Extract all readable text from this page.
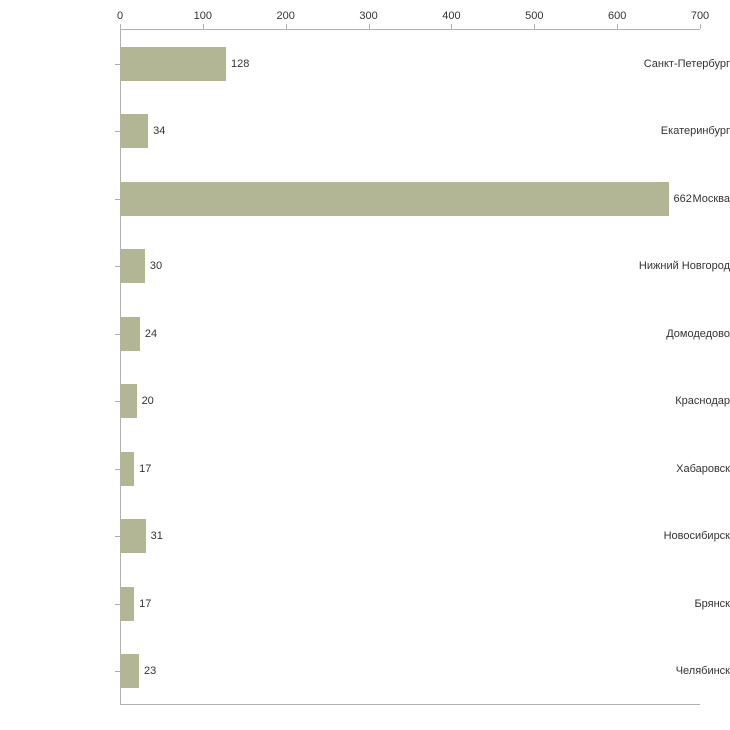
0	100	200	300	400	500	600	700
Санкт-Петербург
128
Екатеринбург
34
Москва
662
Нижний Новгород
30
Домодедово
24
Краснодар
20
Хабаровск
17
Новосибирск
31
Брянск
17
Челябинск
23
